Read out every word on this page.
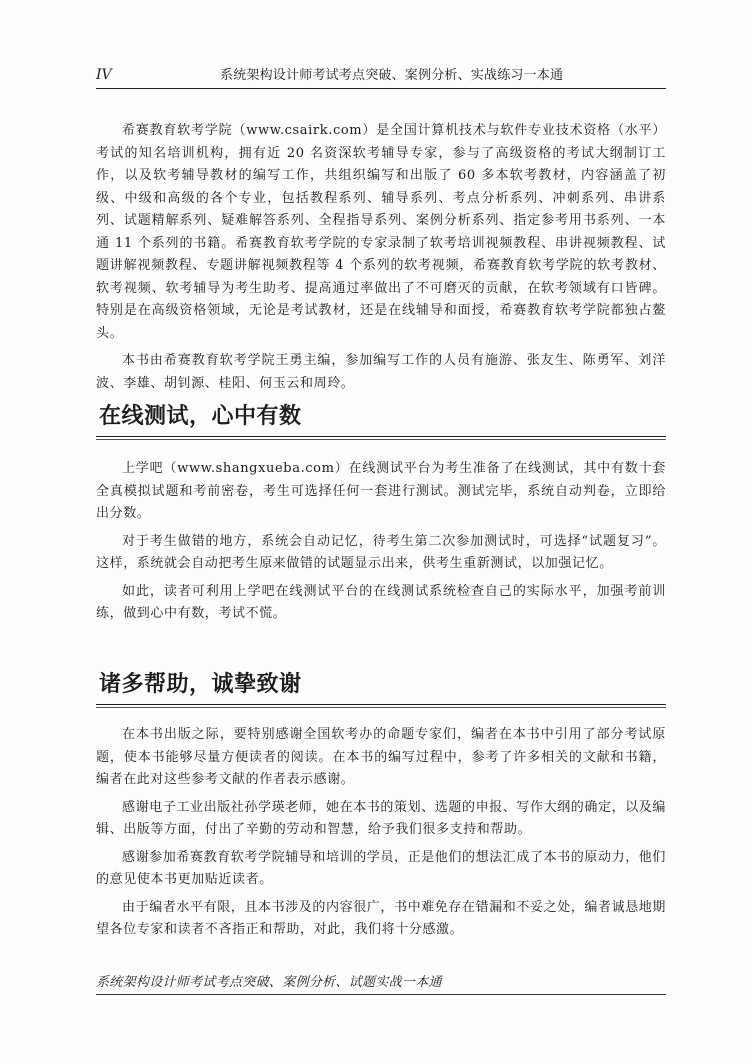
IV	系统架构设计师考试考点突破、案例分析、实战练习一本通

希赛教育软考学院（www.csairk.com）是全国计算机技术与软件专业技术资格（水平）考试的知名培训机构，拥有近 20 名资深软考辅导专家，参与了高级资格的考试大纲制订工作，以及软考辅导教材的编写工作，共组织编写和出版了 60 多本软考教材，内容涵盖了初级、中级和高级的各个专业，包括教程系列、辅导系列、考点分析系列、冲刺系列、串讲系列、试题精解系列、疑难解答系列、全程指导系列、案例分析系列、指定参考用书系列、一本通 11 个系列的书籍。希赛教育软考学院的专家录制了软考培训视频教程、串讲视频教程、试题讲解视频教程、专题讲解视频教程等 4 个系列的软考视频，希赛教育软考学院的软考教材、软考视频、软考辅导为考生助考、提高通过率做出了不可磨灭的贡献，在软考领域有口皆碑。特别是在高级资格领域，无论是考试教材，还是在线辅导和面授，希赛教育软考学院都独占鳌头。

本书由希赛教育软考学院王勇主编，参加编写工作的人员有施游、张友生、陈勇军、刘洋波、李雄、胡钊源、桂阳、何玉云和周玲。

在线测试，心中有数

上学吧（www.shangxueba.com）在线测试平台为考生准备了在线测试，其中有数十套全真模拟试题和考前密卷，考生可选择任何一套进行测试。测试完毕，系统自动判卷，立即给出分数。

对于考生做错的地方，系统会自动记忆，待考生第二次参加测试时，可选择“试题复习”。这样，系统就会自动把考生原来做错的试题显示出来，供考生重新测试，以加强记忆。

如此，读者可利用上学吧在线测试平台的在线测试系统检查自己的实际水平，加强考前训练，做到心中有数，考试不慌。

诸多帮助，诚挚致谢

在本书出版之际，要特别感谢全国软考办的命题专家们，编者在本书中引用了部分考试原题，使本书能够尽量方便读者的阅读。在本书的编写过程中，参考了许多相关的文献和书籍，编者在此对这些参考文献的作者表示感谢。

感谢电子工业出版社孙学瑛老师，她在本书的策划、选题的申报、写作大纲的确定，以及编辑、出版等方面，付出了辛勤的劳动和智慧，给予我们很多支持和帮助。

感谢参加希赛教育软考学院辅导和培训的学员，正是他们的想法汇成了本书的原动力，他们的意见使本书更加贴近读者。

由于编者水平有限，且本书涉及的内容很广，书中难免存在错漏和不妥之处，编者诚恳地期望各位专家和读者不吝指正和帮助，对此，我们将十分感激。

系统架构设计师考试考点突破、案例分析、试题实战一本通
